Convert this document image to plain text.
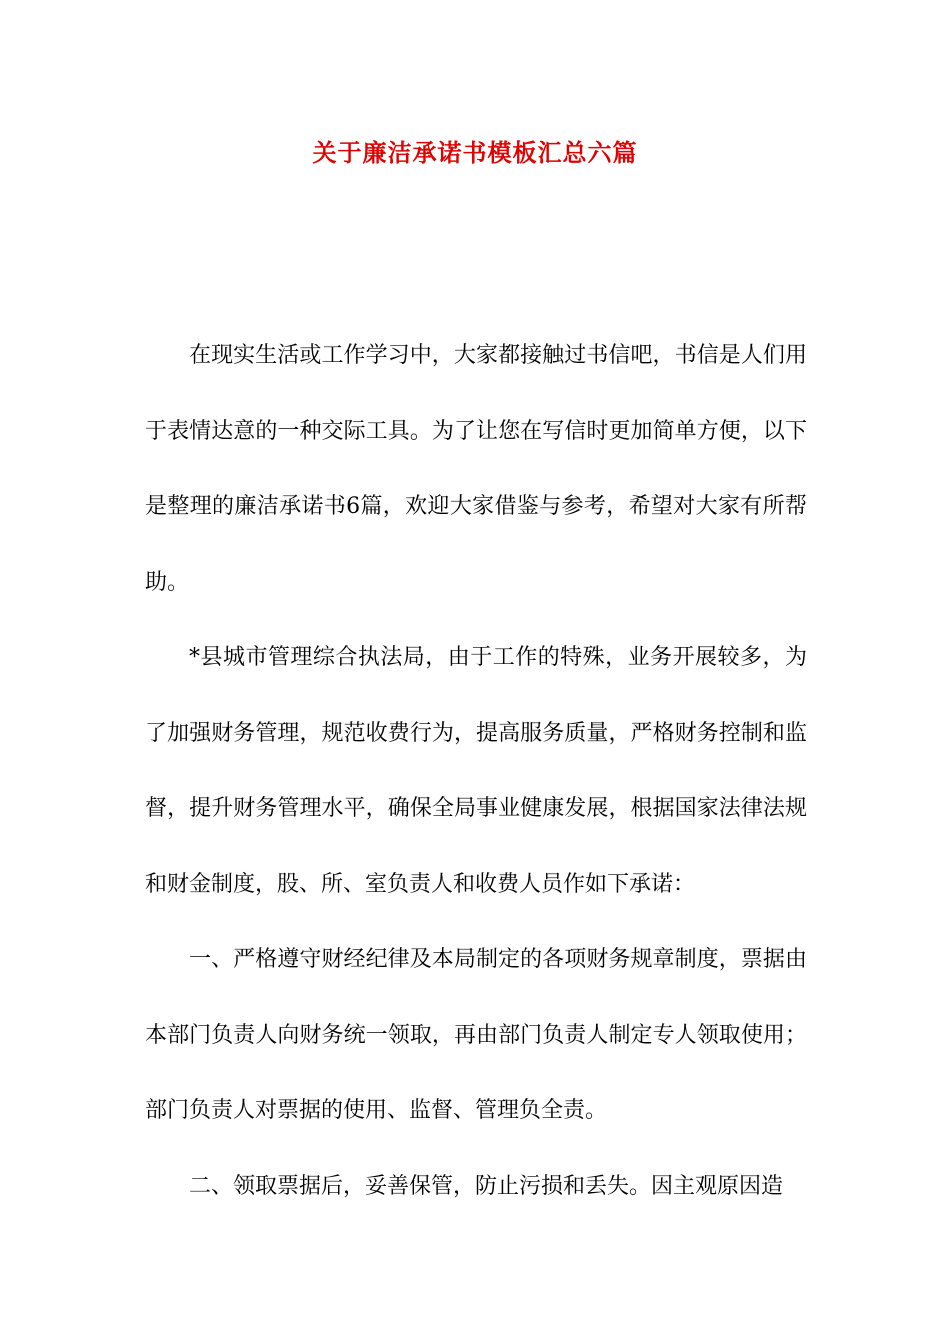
关于廉洁承诺书模板汇总六篇

在现实生活或工作学习中，大家都接触过书信吧，书信是人们用于表情达意的一种交际工具。为了让您在写信时更加简单方便，以下是整理的廉洁承诺书6篇，欢迎大家借鉴与参考，希望对大家有所帮助。

*县城市管理综合执法局，由于工作的特殊，业务开展较多，为了加强财务管理，规范收费行为，提高服务质量，严格财务控制和监督，提升财务管理水平，确保全局事业健康发展，根据国家法律法规和财金制度，股、所、室负责人和收费人员作如下承诺：

一、严格遵守财经纪律及本局制定的各项财务规章制度，票据由本部门负责人向财务统一领取，再由部门负责人制定专人领取使用；部门负责人对票据的使用、监督、管理负全责。

二、领取票据后，妥善保管，防止污损和丢失。因主观原因造
